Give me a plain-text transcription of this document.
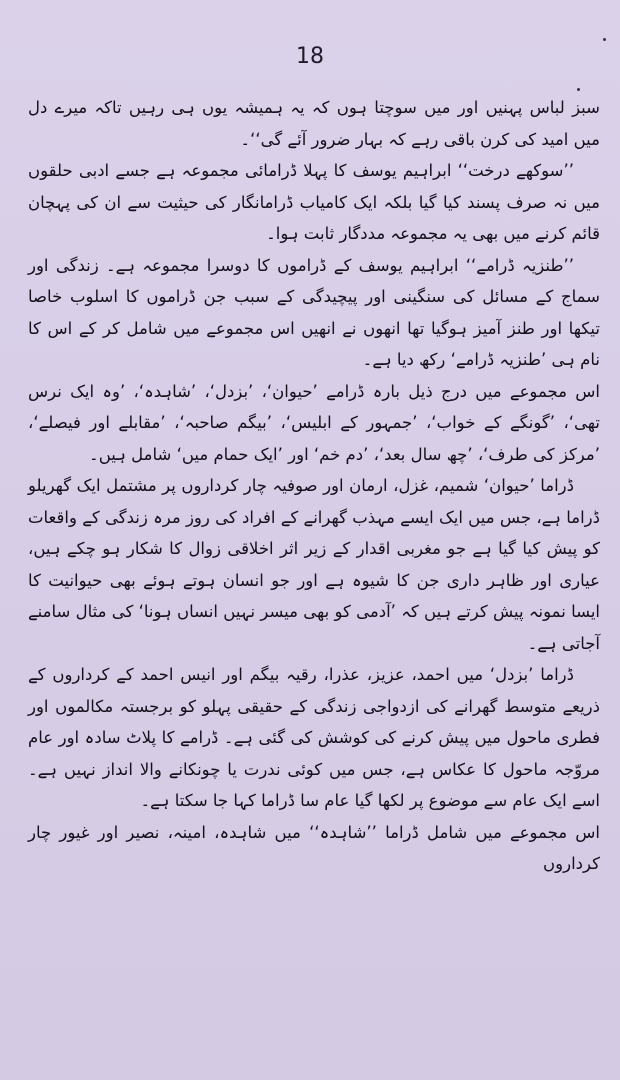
18

سبز لباس پہنیں اور میں سوچتا ہوں کہ یہ ہمیشہ یوں ہی رہیں تاکہ میرے دل میں امید کی کرن باقی رہے کہ بہار ضرور آئے گی‘‘۔

’’سوکھے درخت‘‘ ابراہیم یوسف کا پہلا ڈرامائی مجموعہ ہے جسے ادبی حلقوں میں نہ صرف پسند کیا گیا بلکہ ایک کامیاب ڈرامانگار کی حیثیت سے ان کی پہچان قائم کرنے میں بھی یہ مجموعہ مددگار ثابت ہوا۔

’’طنزیہ ڈرامے‘‘ ابراہیم یوسف کے ڈراموں کا دوسرا مجموعہ ہے۔ زندگی اور سماج کے مسائل کی سنگینی اور پیچیدگی کے سبب جن ڈراموں کا اسلوب خاصا تیکھا اور طنز آمیز ہوگیا تھا انھوں نے انھیں اس مجموعے میں شامل کر کے اس کا نام ہی ’طنزیہ ڈرامے‘ رکھ دیا ہے۔

اس مجموعے میں درج ذیل بارہ ڈرامے ’حیوان‘، ’بزدل‘، ’شاہدہ‘، ’وہ ایک نرس تھی‘، ’گونگے کے خواب‘، ’جمہور کے ابلیس‘، ’بیگم صاحبہ‘، ’مقابلے اور فیصلے‘، ’مرکز کی طرف‘، ’چھ سال بعد‘، ’دم خم‘ اور ’ایک حمام میں‘ شامل ہیں۔

ڈراما ’حیوان‘ شمیم، غزل، ارمان اور صوفیہ چار کرداروں پر مشتمل ایک گھریلو ڈراما ہے، جس میں ایک ایسے مہذب گھرانے کے افراد کی روز مرہ زندگی کے واقعات کو پیش کیا گیا ہے جو مغربی اقدار کے زیر اثر اخلاقی زوال کا شکار ہو چکے ہیں، عیاری اور ظاہر داری جن کا شیوہ ہے اور جو انسان ہوتے ہوئے بھی حیوانیت کا ایسا نمونہ پیش کرتے ہیں کہ ’آدمی کو بھی میسر نہیں انساں ہونا‘ کی مثال سامنے آجاتی ہے۔

ڈراما ’بزدل‘ میں احمد، عزیز، عذرا، رقیہ بیگم اور انیس احمد کے کرداروں کے ذریعے متوسط گھرانے کی ازدواجی زندگی کے حقیقی پہلو کو برجستہ مکالموں اور فطری ماحول میں پیش کرنے کی کوشش کی گئی ہے۔ ڈرامے کا پلاٹ سادہ اور عام مروّجہ ماحول کا عکاس ہے، جس میں کوئی ندرت یا چونکانے والا انداز نہیں ہے۔ اسے ایک عام سے موضوع پر لکھا گیا عام سا ڈراما کہا جا سکتا ہے۔

اس مجموعے میں شامل ڈراما ’’شاہدہ‘‘ میں شاہدہ، امینہ، نصیر اور غیور چار کرداروں
